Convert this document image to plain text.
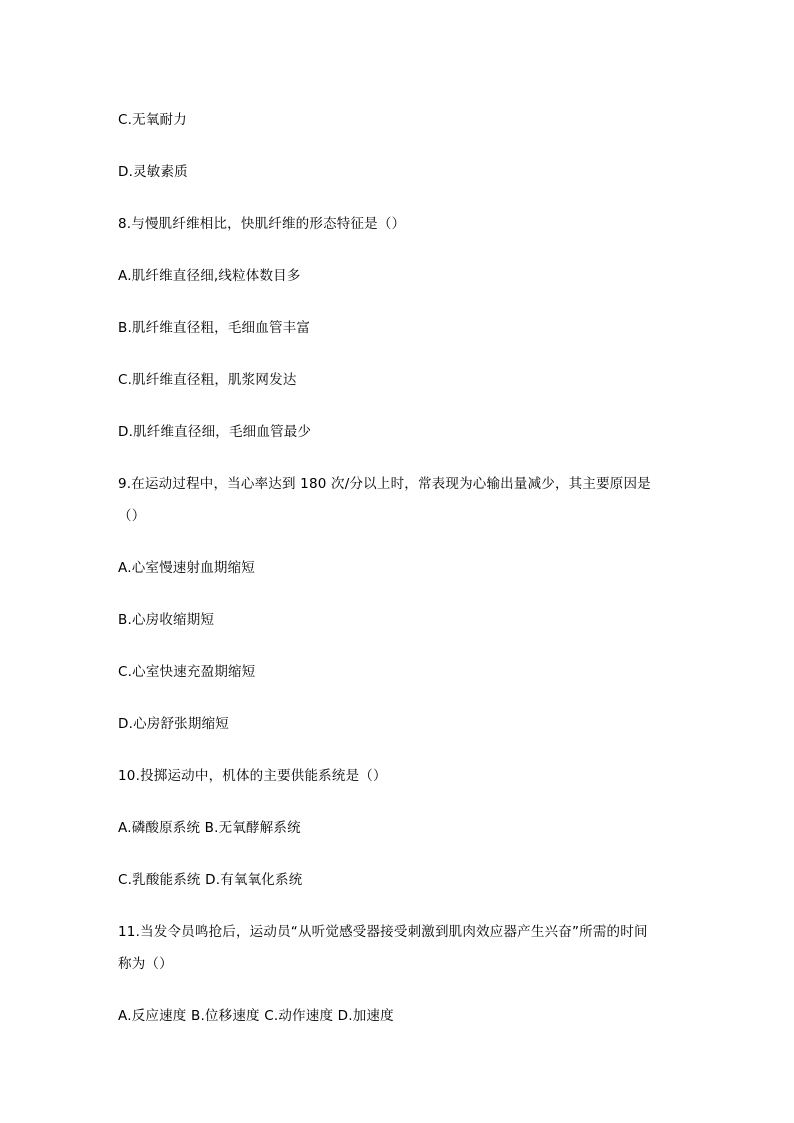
C.无氧耐力

D.灵敏素质

8.与慢肌纤维相比，快肌纤维的形态特征是（）

A.肌纤维直径细,线粒体数目多

B.肌纤维直径粗，毛细血管丰富

C.肌纤维直径粗，肌浆网发达

D.肌纤维直径细，毛细血管最少

9.在运动过程中，当心率达到 180 次/分以上时，常表现为心输出量减少，其主要原因是

（）

A.心室慢速射血期缩短

B.心房收缩期短

C.心室快速充盈期缩短

D.心房舒张期缩短

10.投掷运动中，机体的主要供能系统是（）

A.磷酸原系统 B.无氧酵解系统

C.乳酸能系统 D.有氧氧化系统

11.当发令员鸣抢后，运动员“从听觉感受器接受刺激到肌肉效应器产生兴奋”所需的时间

称为（）

A.反应速度 B.位移速度 C.动作速度 D.加速度
